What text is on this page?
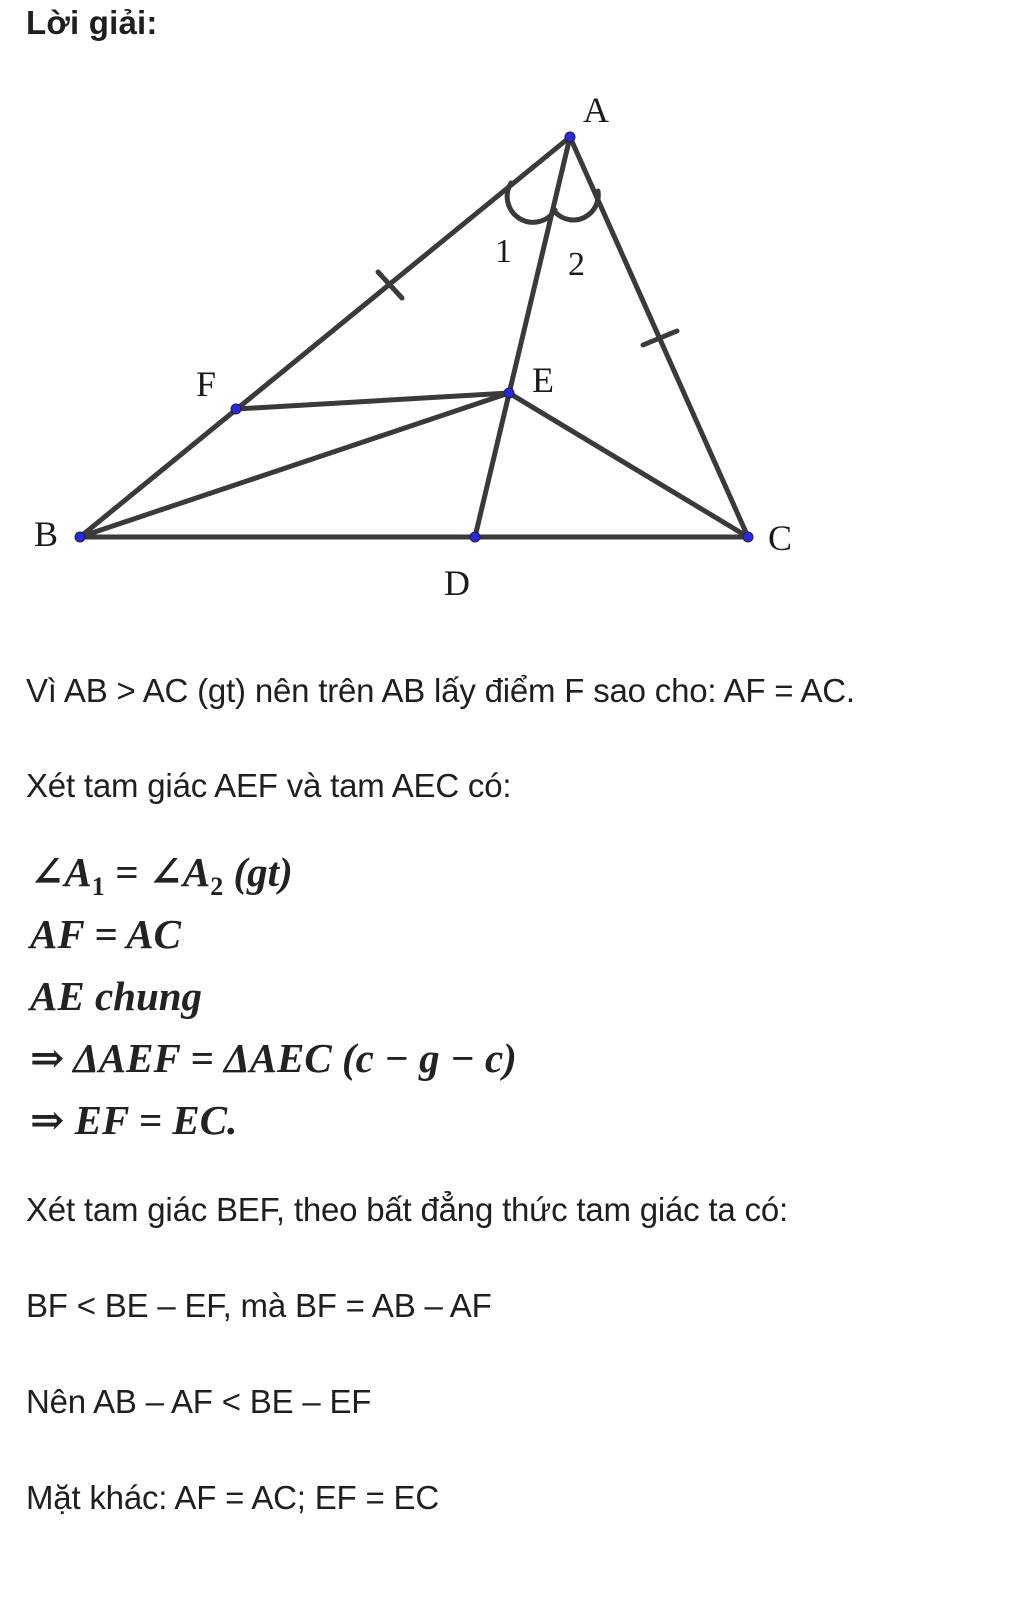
Lời giải:
A
B	C
D
E
F
1 2
Vì AB > AC (gt) nên trên AB lấy điểm F sao cho: AF = AC.
Xét tam giác AEF và tam AEC có:
$\angle A_1$ = $\angle A_2$ (gt)
AF = AC
AE chung
⇒ ΔAEF = ΔAEC (c − g − c)
⇒ EF = EC.
Xét tam giác BEF, theo bất đẳng thức tam giác ta có:
BF < BE – EF, mà BF = AB – AF
Nên AB – AF < BE – EF
Mặt khác: AF = AC; EF = EC
